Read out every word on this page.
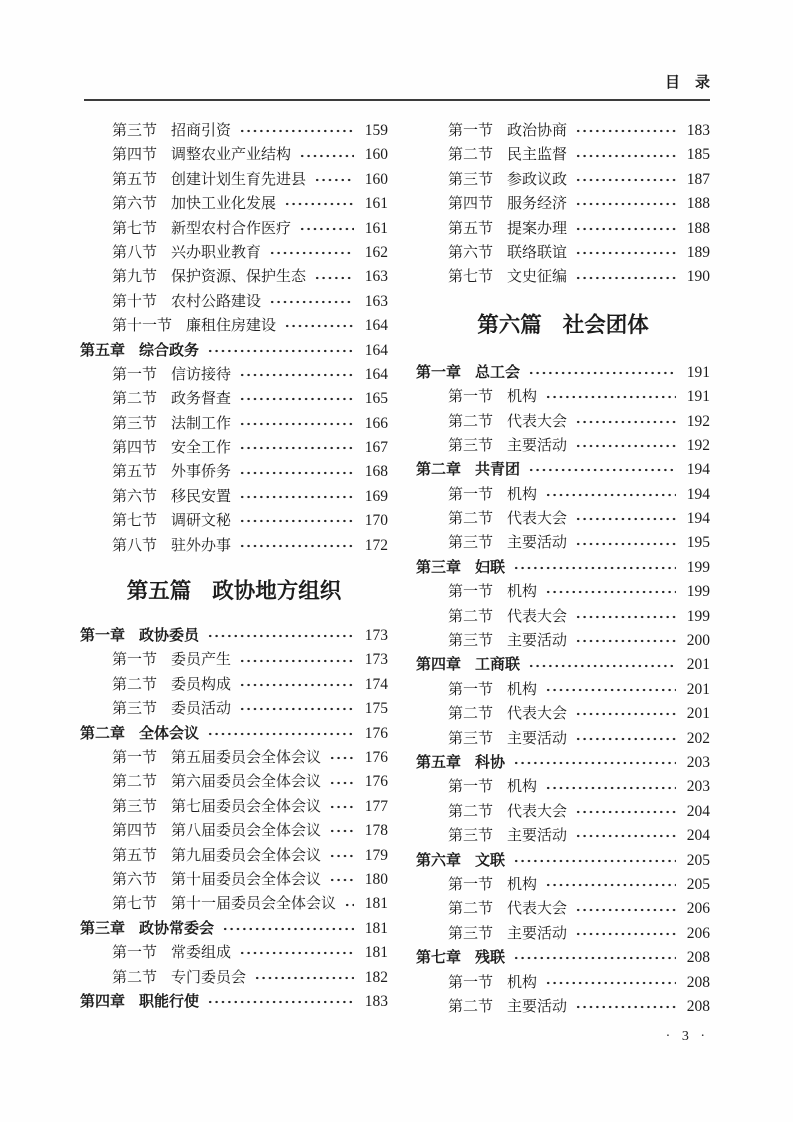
目　录
第三节 招商引资	159
第四节 调整农业产业结构	160
第五节 创建计划生育先进县	160
第六节 加快工业化发展	161
第七节 新型农村合作医疗	161
第八节 兴办职业教育	162
第九节 保护资源、保护生态	163
第十节 农村公路建设	163
第十一节 廉租住房建设	164
第五章 综合政务	164
第一节 信访接待	164
第二节 政务督查	165
第三节 法制工作	166
第四节 安全工作	167
第五节 外事侨务	168
第六节 移民安置	169
第七节 调研文秘	170
第八节 驻外办事	172
第五篇 政协地方组织
第一章 政协委员	173
第一节 委员产生	173
第二节 委员构成	174
第三节 委员活动	175
第二章 全体会议	176
第一节 第五届委员会全体会议	176
第二节 第六届委员会全体会议	176
第三节 第七届委员会全体会议	177
第四节 第八届委员会全体会议	178
第五节 第九届委员会全体会议	179
第六节 第十届委员会全体会议	180
第七节 第十一届委员会全体会议 181
第三章 政协常委会	181
第一节 常委组成	181
第二节 专门委员会	182
第四章 职能行使	183
第一节 政治协商	183
第二节 民主监督	185
第三节 参政议政	187
第四节 服务经济	188
第五节 提案办理	188
第六节 联络联谊	189
第七节 文史征编	190
第六篇 社会团体
第一章 总工会	191
第一节 机构	191
第二节 代表大会	192
第三节 主要活动	192
第二章 共青团	194
第一节 机构	194
第二节 代表大会	194
第三节 主要活动	195
第三章 妇联	199
第一节 机构	199
第二节 代表大会	199
第三节 主要活动	200
第四章 工商联	201
第一节 机构	201
第二节 代表大会	201
第三节 主要活动	202
第五章 科协	203
第一节 机构	203
第二节 代表大会	204
第三节 主要活动	204
第六章 文联	205
第一节 机构	205
第二节 代表大会	206
第三节 主要活动	206
第七章 残联	208
第一节 机构	208
第二节 主要活动	208
· 3 ·
